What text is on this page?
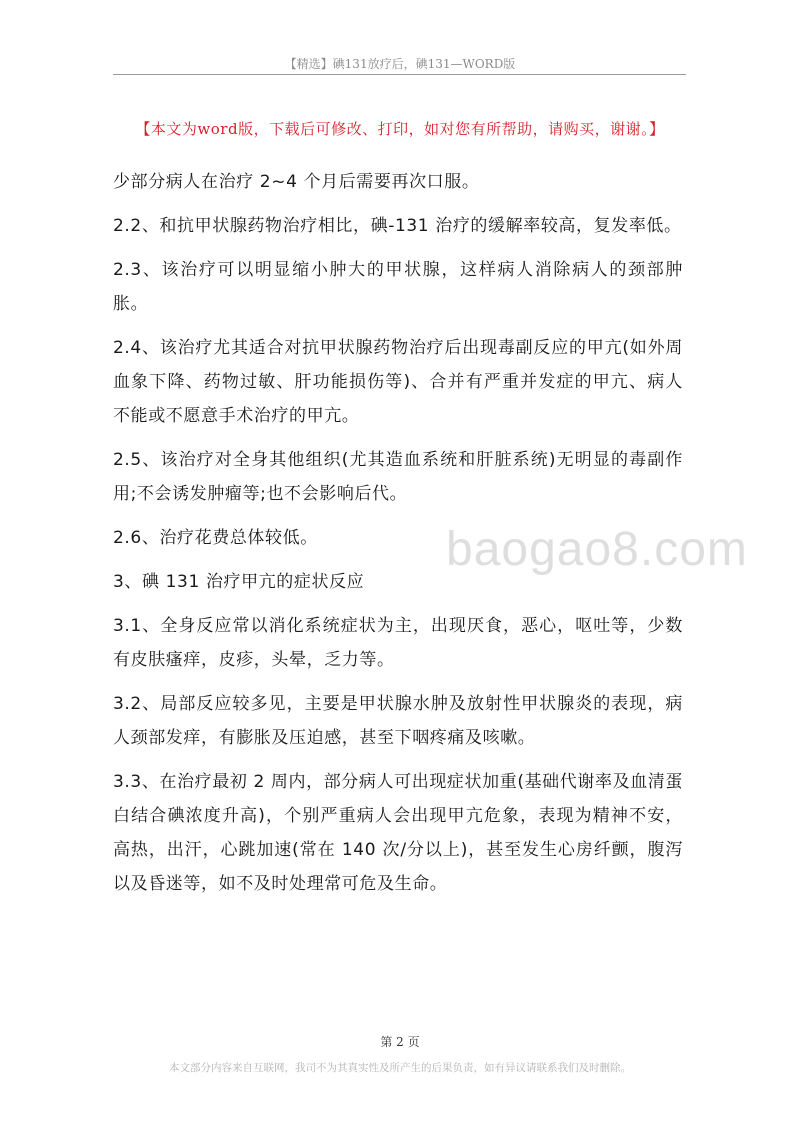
【精选】碘131放疗后，碘131—WORD版
【本文为word版，下载后可修改、打印，如对您有所帮助，请购买，谢谢。】

少部分病人在治疗 2~4 个月后需要再次口服。

2.2、和抗甲状腺药物治疗相比，碘-131 治疗的缓解率较高，复发率低。

2.3、该治疗可以明显缩小肿大的甲状腺，这样病人消除病人的颈部肿胀。

2.4、该治疗尤其适合对抗甲状腺药物治疗后出现毒副反应的甲亢(如外周血象下降、药物过敏、肝功能损伤等)、合并有严重并发症的甲亢、病人不能或不愿意手术治疗的甲亢。

2.5、该治疗对全身其他组织(尤其造血系统和肝脏系统)无明显的毒副作用;不会诱发肿瘤等;也不会影响后代。

2.6、治疗花费总体较低。

3、碘 131 治疗甲亢的症状反应

3.1、全身反应常以消化系统症状为主，出现厌食，恶心，呕吐等，少数有皮肤瘙痒，皮疹，头晕，乏力等。

3.2、局部反应较多见，主要是甲状腺水肿及放射性甲状腺炎的表现，病人颈部发痒，有膨胀及压迫感，甚至下咽疼痛及咳嗽。

3.3、在治疗最初 2 周内，部分病人可出现症状加重(基础代谢率及血清蛋白结合碘浓度升高)，个别严重病人会出现甲亢危象，表现为精神不安，高热，出汗，心跳加速(常在 140 次/分以上)，甚至发生心房纤颤，腹泻以及昏迷等，如不及时处理常可危及生命。

baogao8.com
第 2 页
本文部分内容来自互联网，我司不为其真实性及所产生的后果负责，如有异议请联系我们及时删除。
